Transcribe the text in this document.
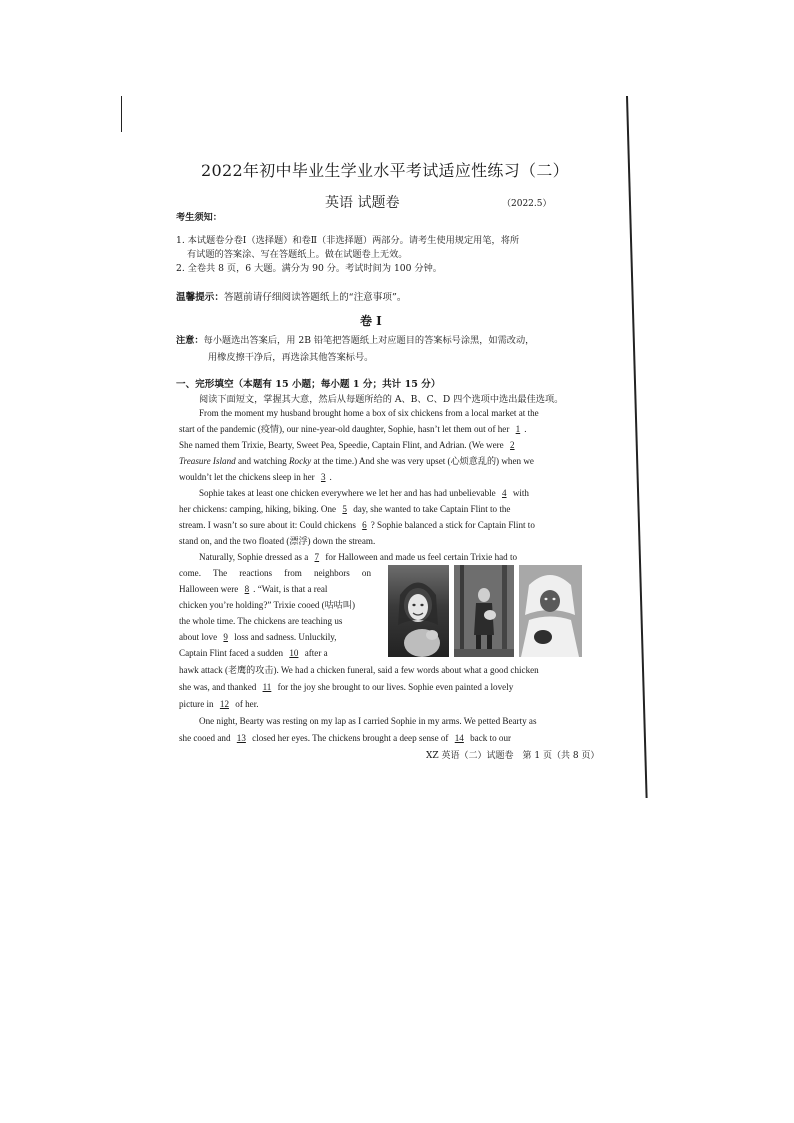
2022年初中毕业生学业水平考试适应性练习（二）
英语 试题卷	（2022.5）
考生须知：
1. 本试题卷分卷Ⅰ（选择题）和卷Ⅱ（非选择题）两部分。请考生使用规定用笔，将所
有试题的答案涂、写在答题纸上。做在试题卷上无效。
2. 全卷共 8 页，6 大题。满分为 90 分。考试时间为 100 分钟。
温馨提示：答题前请仔细阅读答题纸上的“注意事项”。
卷 Ⅰ
注意：每小题选出答案后，用 2B 铅笔把答题纸上对应题目的答案标号涂黑，如需改动，
用橡皮擦干净后，再选涂其他答案标号。
一、完形填空（本题有 15 小题；每小题 1 分；共计 15 分）
阅读下面短文，掌握其大意，然后从每题所给的 A、B、C、D 四个选项中选出最佳选项。
From the moment my husband brought home a box of six chickens from a local market at the
start of the pandemic (疫情), our nine-year-old daughter, Sophie, hasn’t let them out of her 1 .
She named them Trixie, Bearty, Sweet Pea, Speedie, Captain Flint, and Adrian. (We were 2
Treasure Island and watching Rocky at the time.) And she was very upset (心烦意乱的) when we
wouldn’t let the chickens sleep in her 3 .
Sophie takes at least one chicken everywhere we let her and has had unbelievable 4 with
her chickens: camping, hiking, biking. One 5 day, she wanted to take Captain Flint to the
stream. I wasn’t so sure about it: Could chickens 6 ? Sophie balanced a stick for Captain Flint to
stand on, and the two floated (漂浮) down the stream.
Naturally, Sophie dressed as a 7 for Halloween and made us feel certain Trixie had to
come. The reactions from neighbors on
Halloween were 8 . “Wait, is that a real
chicken you’re holding?” Trixie cooed (咕咕叫)
the whole time. The chickens are teaching us
about love 9 loss and sadness. Unluckily,
Captain Flint faced a sudden 10 after a
hawk attack (老鹰的攻击). We had a chicken funeral, said a few words about what a good chicken
she was, and thanked 11 for the joy she brought to our lives. Sophie even painted a lovely
picture in 12 of her.
One night, Bearty was resting on my lap as I carried Sophie in my arms. We petted Bearty as
she cooed and 13 closed her eyes. The chickens brought a deep sense of 14 back to our
XZ 英语（二）试题卷　第 1 页（共 8 页）
